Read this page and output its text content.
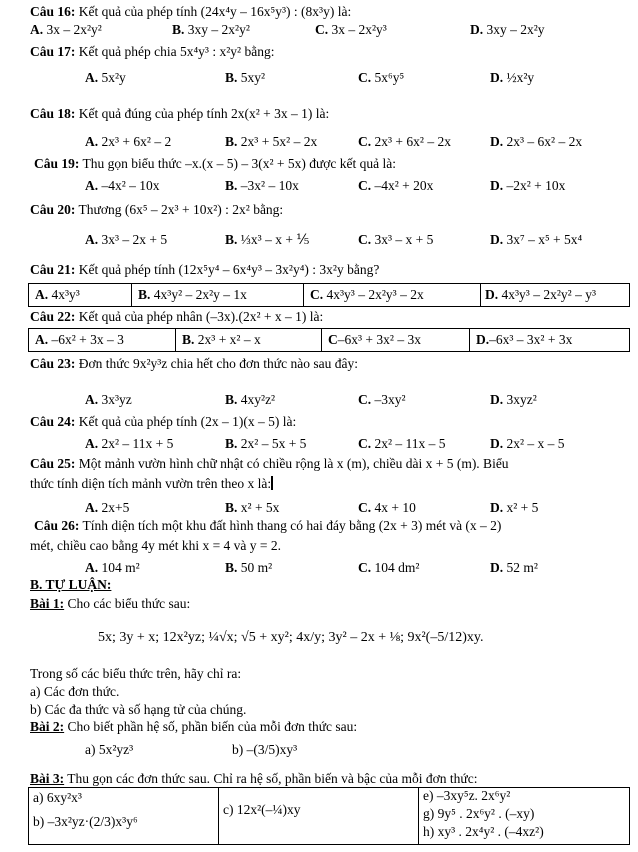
Câu 16: Kết quả của phép tính (24x⁴y – 16x⁵y³) : (8x³y) là:
A. 3x – 2x²y²	B. 3xy – 2x²y²	C. 3x – 2x²y³	D. 3xy – 2x²y
Câu 17: Kết quả phép chia 5x⁴y³ : x²y² bằng:
A. 5x²y	B. 5xy²	C. 5x⁶y⁵	D. ½x²y
Câu 18: Kết quả đúng của phép tính 2x(x² + 3x – 1) là:
A. 2x³ + 6x² – 2	B. 2x³ + 5x² – 2x	C. 2x³ + 6x² – 2x	D. 2x³ – 6x² – 2x
Câu 19: Thu gọn biểu thức –x.(x – 5) – 3(x² + 5x) được kết quả là:
A. –4x² – 10x	B. –3x² – 10x	C. –4x² + 20x	D. –2x² + 10x
Câu 20: Thương (6x⁵ – 2x³ + 10x²) : 2x² bằng:
A. 3x³ – 2x + 5	B. ⅓x³ – x + ⅕	C. 3x³ – x + 5	D. 3x⁷ – x⁵ + 5x⁴
Câu 21: Kết quả phép tính (12x⁵y⁴ – 6x⁴y³ – 3x²y⁴) : 3x²y bằng?
A. 4x³y³	B. 4x³y² – 2x²y – 1x	C. 4x³y³ – 2x²y³ – 2x	D. 4x³y³ – 2x²y² – y³
Câu 22: Kết quả của phép nhân (–3x).(2x² + x – 1) là:
A. –6x² + 3x – 3	B. 2x³ + x² – x	C–6x³ + 3x² – 3x	D.–6x³ – 3x² + 3x
Câu 23: Đơn thức 9x²y³z chia hết cho đơn thức nào sau đây:
A. 3x³yz	B. 4xy²z²	C. –3xy²	D. 3xyz²
Câu 24: Kết quả của phép tính (2x – 1)(x – 5) là:
A. 2x² – 11x + 5	B. 2x² – 5x + 5	C. 2x² – 11x – 5	D. 2x² – x – 5
Câu 25: Một mảnh vườn hình chữ nhật có chiều rộng là x (m), chiều dài x + 5 (m). Biểu
thức tính diện tích mảnh vườn trên theo x là:
A. 2x+5	B. x² + 5x	C. 4x + 10	D. x² + 5
Câu 26: Tính diện tích một khu đất hình thang có hai đáy bằng (2x + 3) mét và (x – 2)
mét, chiều cao bằng 4y mét khi x = 4 và y = 2.
A. 104 m²	B. 50 m²	C. 104 dm²	D. 52 m²
B. TỰ LUẬN:
Bài 1: Cho các biểu thức sau:
5x; 3y + x; 12x²yz; ¼√x; √5 + xy²; 4x/y; 3y² – 2x + ⅛; 9x²(–5/12)xy.
Trong số các biểu thức trên, hãy chỉ ra:
a) Các đơn thức.
b) Các đa thức và số hạng tử của chúng.
Bài 2: Cho biết phần hệ số, phần biến của mỗi đơn thức sau:
a) 5x²yz³	b) –(3/5)xy³
Bài 3: Thu gọn các đơn thức sau. Chỉ ra hệ số, phần biến và bậc của mỗi đơn thức:
a) 6xy²x³
b) –3x²yz·(2/3)x³y⁶
c) 12x²(–¼)xy
e) –3xy⁵z. 2x⁶y²
g) 9y⁵ . 2x⁶y² . (–xy)
h) xy³ . 2x⁴y² . (–4xz²)
